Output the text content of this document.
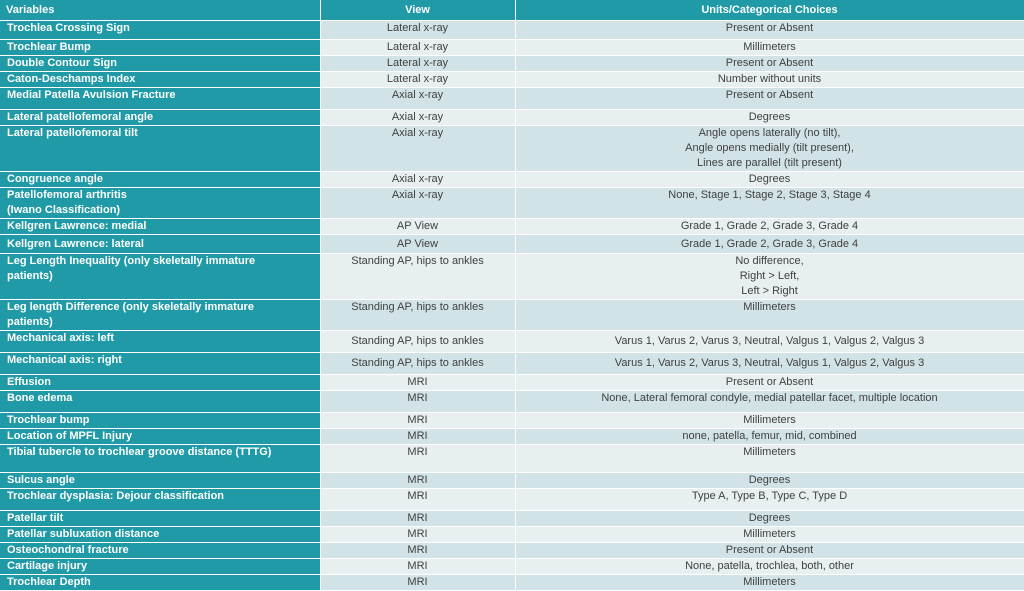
Variables	View	Units/Categorical Choices
Trochlea Crossing Sign	Lateral x-ray	Present or Absent
Trochlear Bump	Lateral x-ray	Millimeters
Double Contour Sign	Lateral x-ray	Present or Absent
Caton-Deschamps Index	Lateral x-ray	Number without units
Medial Patella Avulsion Fracture	Axial x-ray	Present or Absent
Lateral patellofemoral angle	Axial x-ray	Degrees
Lateral patellofemoral tilt	Axial x-ray	Angle opens laterally (no tilt),
Angle opens medially (tilt present),
Lines are parallel (tilt present)
Congruence angle	Axial x-ray	Degrees
Patellofemoral arthritis
(Iwano Classification)	Axial x-ray	None, Stage 1, Stage 2, Stage 3, Stage 4
Kellgren Lawrence: medial	AP View	Grade 1, Grade 2, Grade 3, Grade 4
Kellgren Lawrence: lateral	AP View	Grade 1, Grade 2, Grade 3, Grade 4
Leg Length Inequality (only skeletally immature
patients)	Standing AP, hips to ankles	No difference,
Right > Left,
Left > Right
Leg length Difference (only skeletally immature
patients)	Standing AP, hips to ankles	Millimeters
Mechanical axis: left	Standing AP, hips to ankles	Varus 1, Varus 2, Varus 3, Neutral, Valgus 1, Valgus 2, Valgus 3
Mechanical axis: right	Standing AP, hips to ankles	Varus 1, Varus 2, Varus 3, Neutral, Valgus 1, Valgus 2, Valgus 3
Effusion	MRI	Present or Absent
Bone edema	MRI	None, Lateral femoral condyle, medial patellar facet, multiple location
Trochlear bump	MRI	Millimeters
Location of MPFL Injury	MRI	none, patella, femur, mid, combined
Tibial tubercle to trochlear groove distance (TTTG)	MRI	Millimeters
Sulcus angle	MRI	Degrees
Trochlear dysplasia: Dejour classification	MRI	Type A, Type B, Type C, Type D
Patellar tilt	MRI	Degrees
Patellar subluxation distance	MRI	Millimeters
Osteochondral fracture	MRI	Present or Absent
Cartilage injury	MRI	None, patella, trochlea, both, other
Trochlear Depth	MRI	Millimeters
